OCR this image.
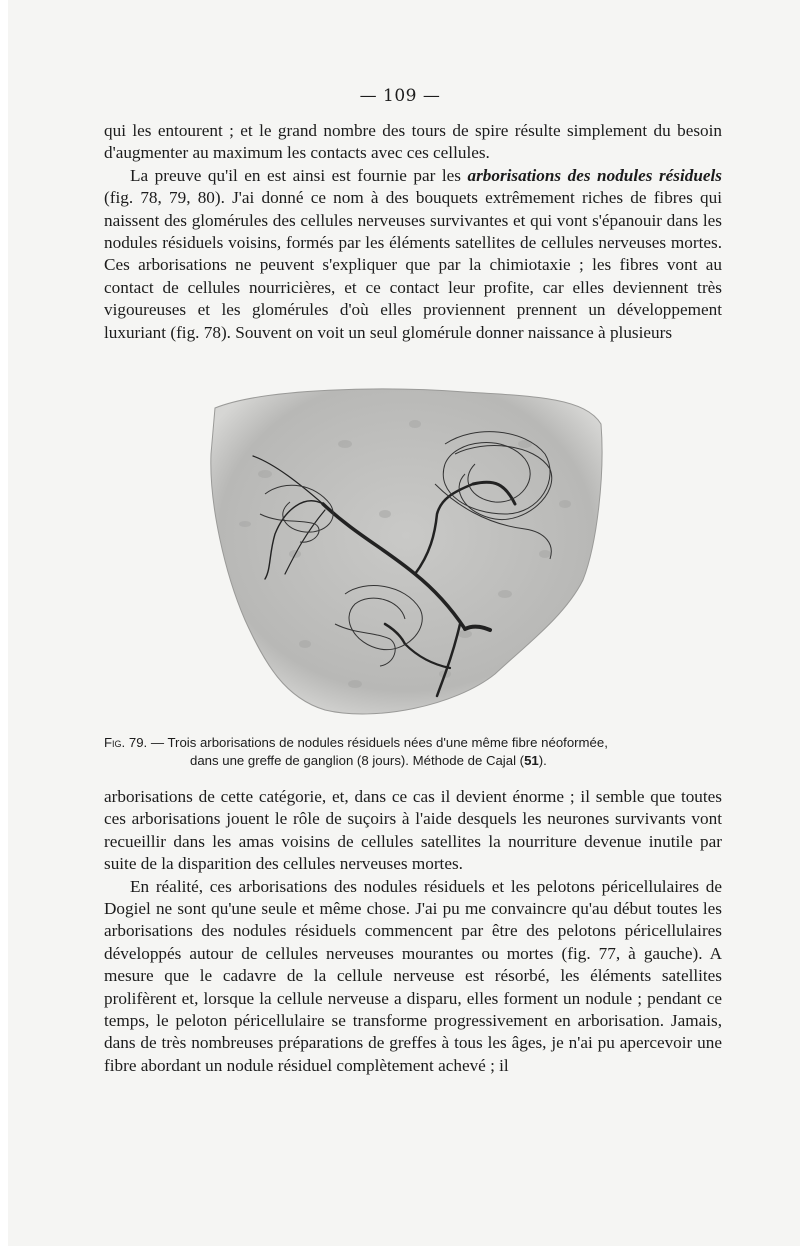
— 109 —

qui les entourent ; et le grand nombre des tours de spire résulte simplement du besoin d'augmenter au maximum les contacts avec ces cellules.

La preuve qu'il en est ainsi est fournie par les arborisations des nodules résiduels (fig. 78, 79, 80). J'ai donné ce nom à des bouquets extrêmement riches de fibres qui naissent des glomérules des cellules nerveuses survivantes et qui vont s'épanouir dans les nodules résiduels voisins, formés par les éléments satellites de cellules nerveuses mortes. Ces arborisations ne peuvent s'expliquer que par la chimiotaxie ; les fibres vont au contact de cellules nourricières, et ce contact leur profite, car elles deviennent très vigoureuses et les glomérules d'où elles proviennent prennent un développement luxuriant (fig. 78). Souvent on voit un seul glomérule donner naissance à plusieurs

Fig. 79. — Trois arborisations de nodules résiduels nées d'une même fibre néoformée,
dans une greffe de ganglion (8 jours). Méthode de Cajal (51).

arborisations de cette catégorie, et, dans ce cas il devient énorme ; il semble que toutes ces arborisations jouent le rôle de suçoirs à l'aide desquels les neurones survivants vont recueillir dans les amas voisins de cellules satellites la nourriture devenue inutile par suite de la disparition des cellules nerveuses mortes.

En réalité, ces arborisations des nodules résiduels et les pelotons péricellulaires de Dogiel ne sont qu'une seule et même chose. J'ai pu me convaincre qu'au début toutes les arborisations des nodules résiduels commencent par être des pelotons péricellulaires développés autour de cellules nerveuses mourantes ou mortes (fig. 77, à gauche). A mesure que le cadavre de la cellule nerveuse est résorbé, les éléments satellites prolifèrent et, lorsque la cellule nerveuse a disparu, elles forment un nodule ; pendant ce temps, le peloton péricellulaire se transforme progressivement en arborisation. Jamais, dans de très nombreuses préparations de greffes à tous les âges, je n'ai pu apercevoir une fibre abordant un nodule résiduel complètement achevé ; il
